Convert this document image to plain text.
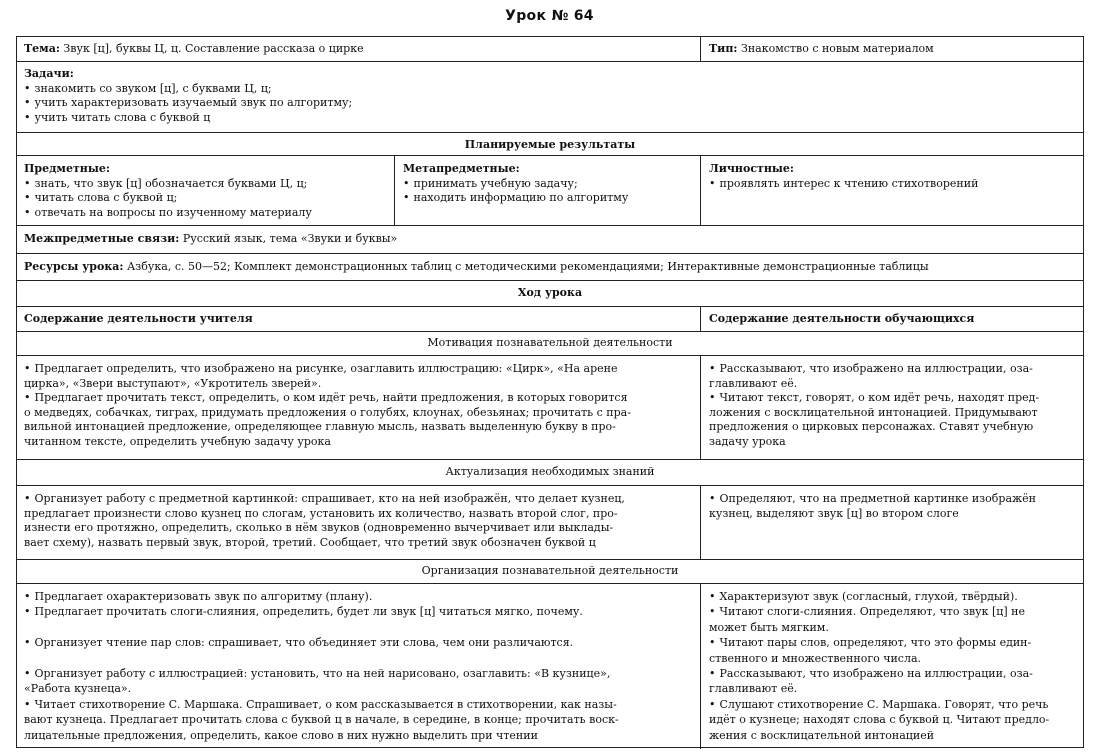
Урок № 64
Тема: Звук [ц], буквы Ц, ц. Составление рассказа о цирке	Тип: Знакомство с новым материалом
Задачи:
• знакомить со звуком [ц], с буквами Ц, ц;
• учить характеризовать изучаемый звук по алгоритму;
• учить читать слова с буквой ц
Планируемые результаты
Предметные:
• знать, что звук [ц] обозначается буквами Ц, ц;
• читать слова с буквой ц;
• отвечать на вопросы по изученному материалу
Метапредметные:
• принимать учебную задачу;
• находить информацию по алгоритму
Личностные:
• проявлять интерес к чтению стихотворений
Межпредметные связи: Русский язык, тема «Звуки и буквы»
Ресурсы урока: Азбука, с. 50—52; Комплект демонстрационных таблиц с методическими рекомендациями; Интерактивные демонстрационные таблицы
Ход урока
Содержание деятельности учителя	Содержание деятельности обучающихся
Мотивация познавательной деятельности
• Предлагает определить, что изображено на рисунке, озаглавить иллюстрацию: «Цирк», «На арене
цирка», «Звери выступают», «Укротитель зверей».
• Предлагает прочитать текст, определить, о ком идёт речь, найти предложения, в которых говорится
о медведях, собачках, тиграх, придумать предложения о голубях, клоунах, обезьянах; прочитать с пра-
вильной интонацией предложение, определяющее главную мысль, назвать выделенную букву в про-
читанном тексте, определить учебную задачу урока
• Рассказывают, что изображено на иллюстрации, оза-
главливают её.
• Читают текст, говорят, о ком идёт речь, находят пред-
ложения с восклицательной интонацией. Придумывают
предложения о цирковых персонажах. Ставят учебную
задачу урока
Актуализация необходимых знаний
• Организует работу с предметной картинкой: спрашивает, кто на ней изображён, что делает кузнец,
предлагает произнести слово кузнец по слогам, установить их количество, назвать второй слог, про-
изнести его протяжно, определить, сколько в нём звуков (одновременно вычерчивает или выклады-
вает схему), назвать первый звук, второй, третий. Сообщает, что третий звук обозначен буквой ц
• Определяют, что на предметной картинке изображён
кузнец, выделяют звук [ц] во втором слоге
Организация познавательной деятельности
• Предлагает охарактеризовать звук по алгоритму (плану).
• Предлагает прочитать слоги-слияния, определить, будет ли звук [ц] читаться мягко, почему.

• Организует чтение пар слов: спрашивает, что объединяет эти слова, чем они различаются.

• Организует работу с иллюстрацией: установить, что на ней нарисовано, озаглавить: «В кузнице»,
«Работа кузнеца».
• Читает стихотворение С. Маршака. Спрашивает, о ком рассказывается в стихотворении, как назы-
вают кузнеца. Предлагает прочитать слова с буквой ц в начале, в середине, в конце; прочитать воск-
лицательные предложения, определить, какое слово в них нужно выделить при чтении
• Характеризуют звук (согласный, глухой, твёрдый).
• Читают слоги-слияния. Определяют, что звук [ц] не
может быть мягким.
• Читают пары слов, определяют, что это формы един-
ственного и множественного числа.
• Рассказывают, что изображено на иллюстрации, оза-
главливают её.
• Слушают стихотворение С. Маршака. Говорят, что речь
идёт о кузнеце; находят слова с буквой ц. Читают предло-
жения с восклицательной интонацией
